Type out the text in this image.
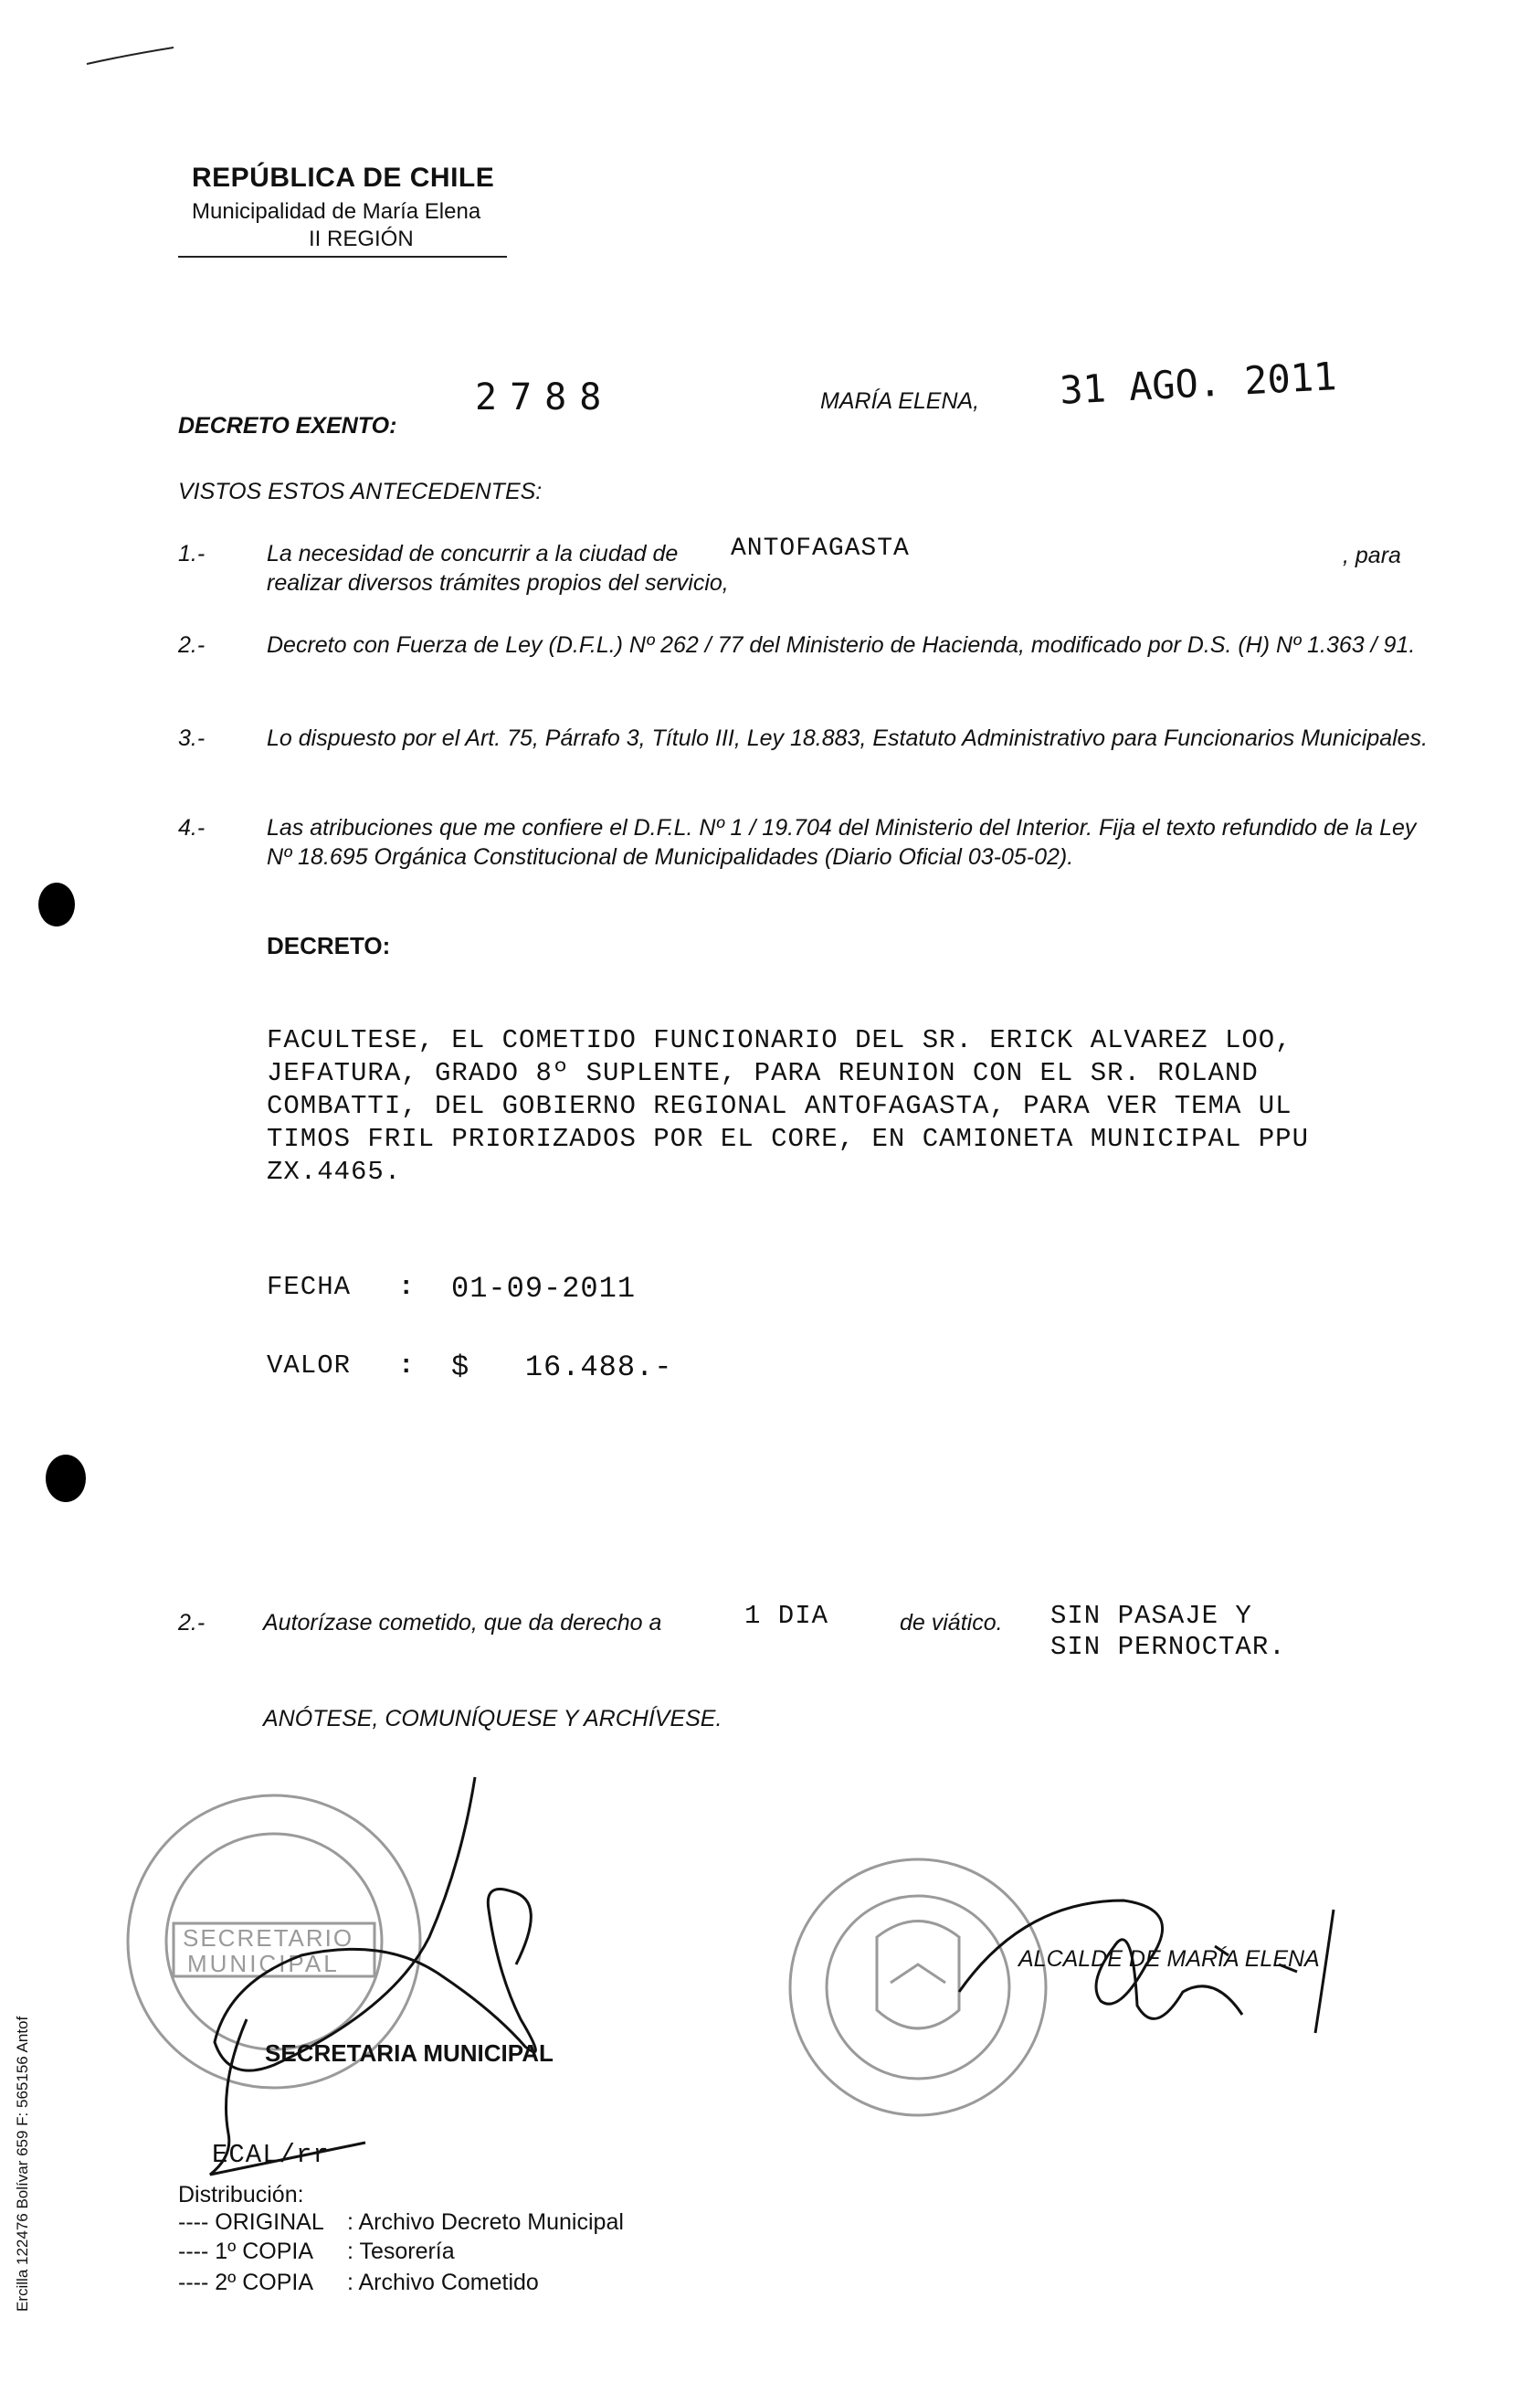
REPÚBLICA DE CHILE
Municipalidad de María Elena
II REGIÓN
DECRETO EXENTO:
2788	MARÍA ELENA, 31 AGO. 2011
VISTOS ESTOS ANTECEDENTES:
1.-	La necesidad de concurrir a la ciudad de ANTOFAGASTA	, para
realizar diversos trámites propios del servicio,
2.-	Decreto con Fuerza de Ley (D.F.L.) Nº 262 / 77 del Ministerio de Hacienda, modificado por D.S. (H) Nº 1.363 / 91.
3.-	Lo dispuesto por el Art. 75, Párrafo 3, Título III, Ley 18.883, Estatuto Administrativo para Funcionarios Municipales.
4.-	Las atribuciones que me confiere el D.F.L. Nº 1 / 19.704 del Ministerio del Interior. Fija el texto refundido de la Ley Nº 18.695 Orgánica Constitucional de Municipalidades (Diario Oficial 03-05-02).
DECRETO:
FACULTESE, EL COMETIDO FUNCIONARIO DEL SR. ERICK ALVAREZ LOO,
JEFATURA, GRADO 8º SUPLENTE, PARA REUNION CON EL SR. ROLAND
COMBATTI, DEL GOBIERNO REGIONAL ANTOFAGASTA, PARA VER TEMA UL
TIMOS FRIL PRIORIZADOS POR EL CORE, EN CAMIONETA MUNICIPAL PPU
ZX.4465.
FECHA : 01-09-2011
VALOR : $   16.488.-
2.-	Autorízase cometido, que da derecho a	1 DIA	de viático. SIN PASAJE Y
SIN PERNOCTAR.
ANÓTESE, COMUNÍQUESE Y ARCHÍVESE.
SECRETARIO
MUNICIPAL
SECRETARIA MUNICIPAL
ALCALDE DE MARÍA ELENA
ECAL/rr
Distribución:
---- ORIGINAL : Archivo Decreto Municipal
---- 1º COPIA : Tesorería
---- 2º COPIA : Archivo Cometido
Ercilla 122476 Bolívar 659 F: 565156 Antof
